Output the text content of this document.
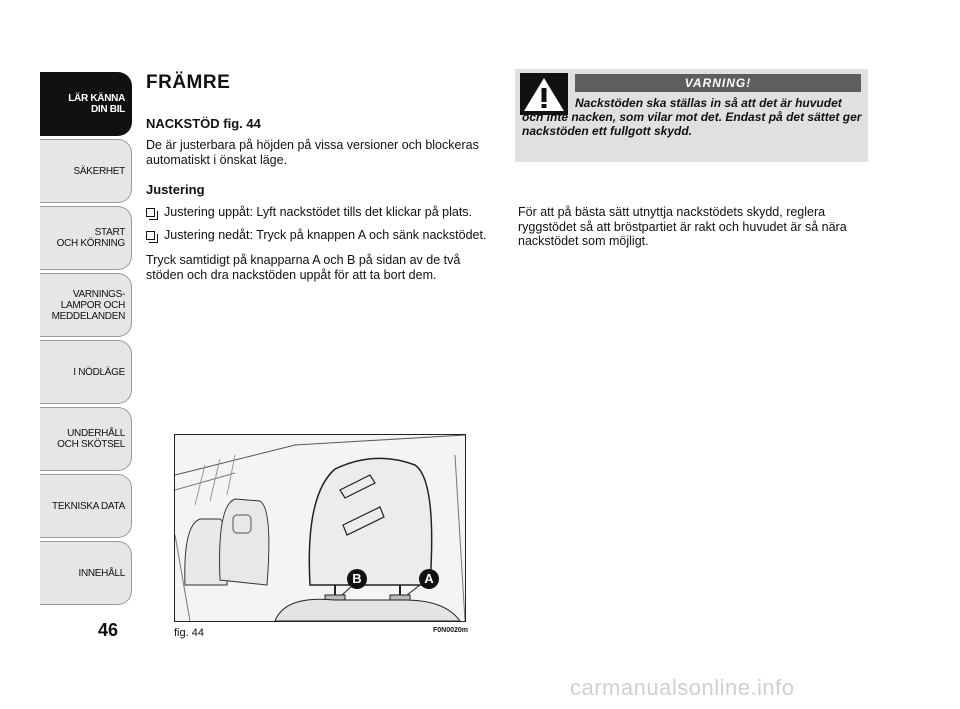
LÄR KÄNNA
DIN BIL
SÄKERHET
START
OCH KÖRNING
VARNINGS-
LAMPOR OCH
MEDDELANDEN
I NÖDLÄGE
UNDERHÅLL
OCH SKÖTSEL
TEKNISKA DATA
INNEHÅLL
46
FRÄMRE

NACKSTÖD fig. 44

De är justerbara på höjden på vissa versioner och blockeras automatiskt i önskat läge.

Justering

Justering uppåt: Lyft nackstödet tills det klickar på plats.
Justering nedåt: Tryck på knappen A och sänk nackstödet.

Tryck samtidigt på knapparna A och B på sidan av de två stöden och dra nackstöden uppåt för att ta bort dem.

B	A
fig. 44	F0N0020m
VARNING!
Nackstöden ska ställas in så att det är huvudet och inte nacken, som vilar mot det. Endast på det sättet ger nackstöden ett fullgott skydd.
För att på bästa sätt utnyttja nackstödets skydd, reglera ryggstödet så att bröstpartiet är rakt och huvudet är så nära nackstödet som möjligt.
carmanualsonline.info
